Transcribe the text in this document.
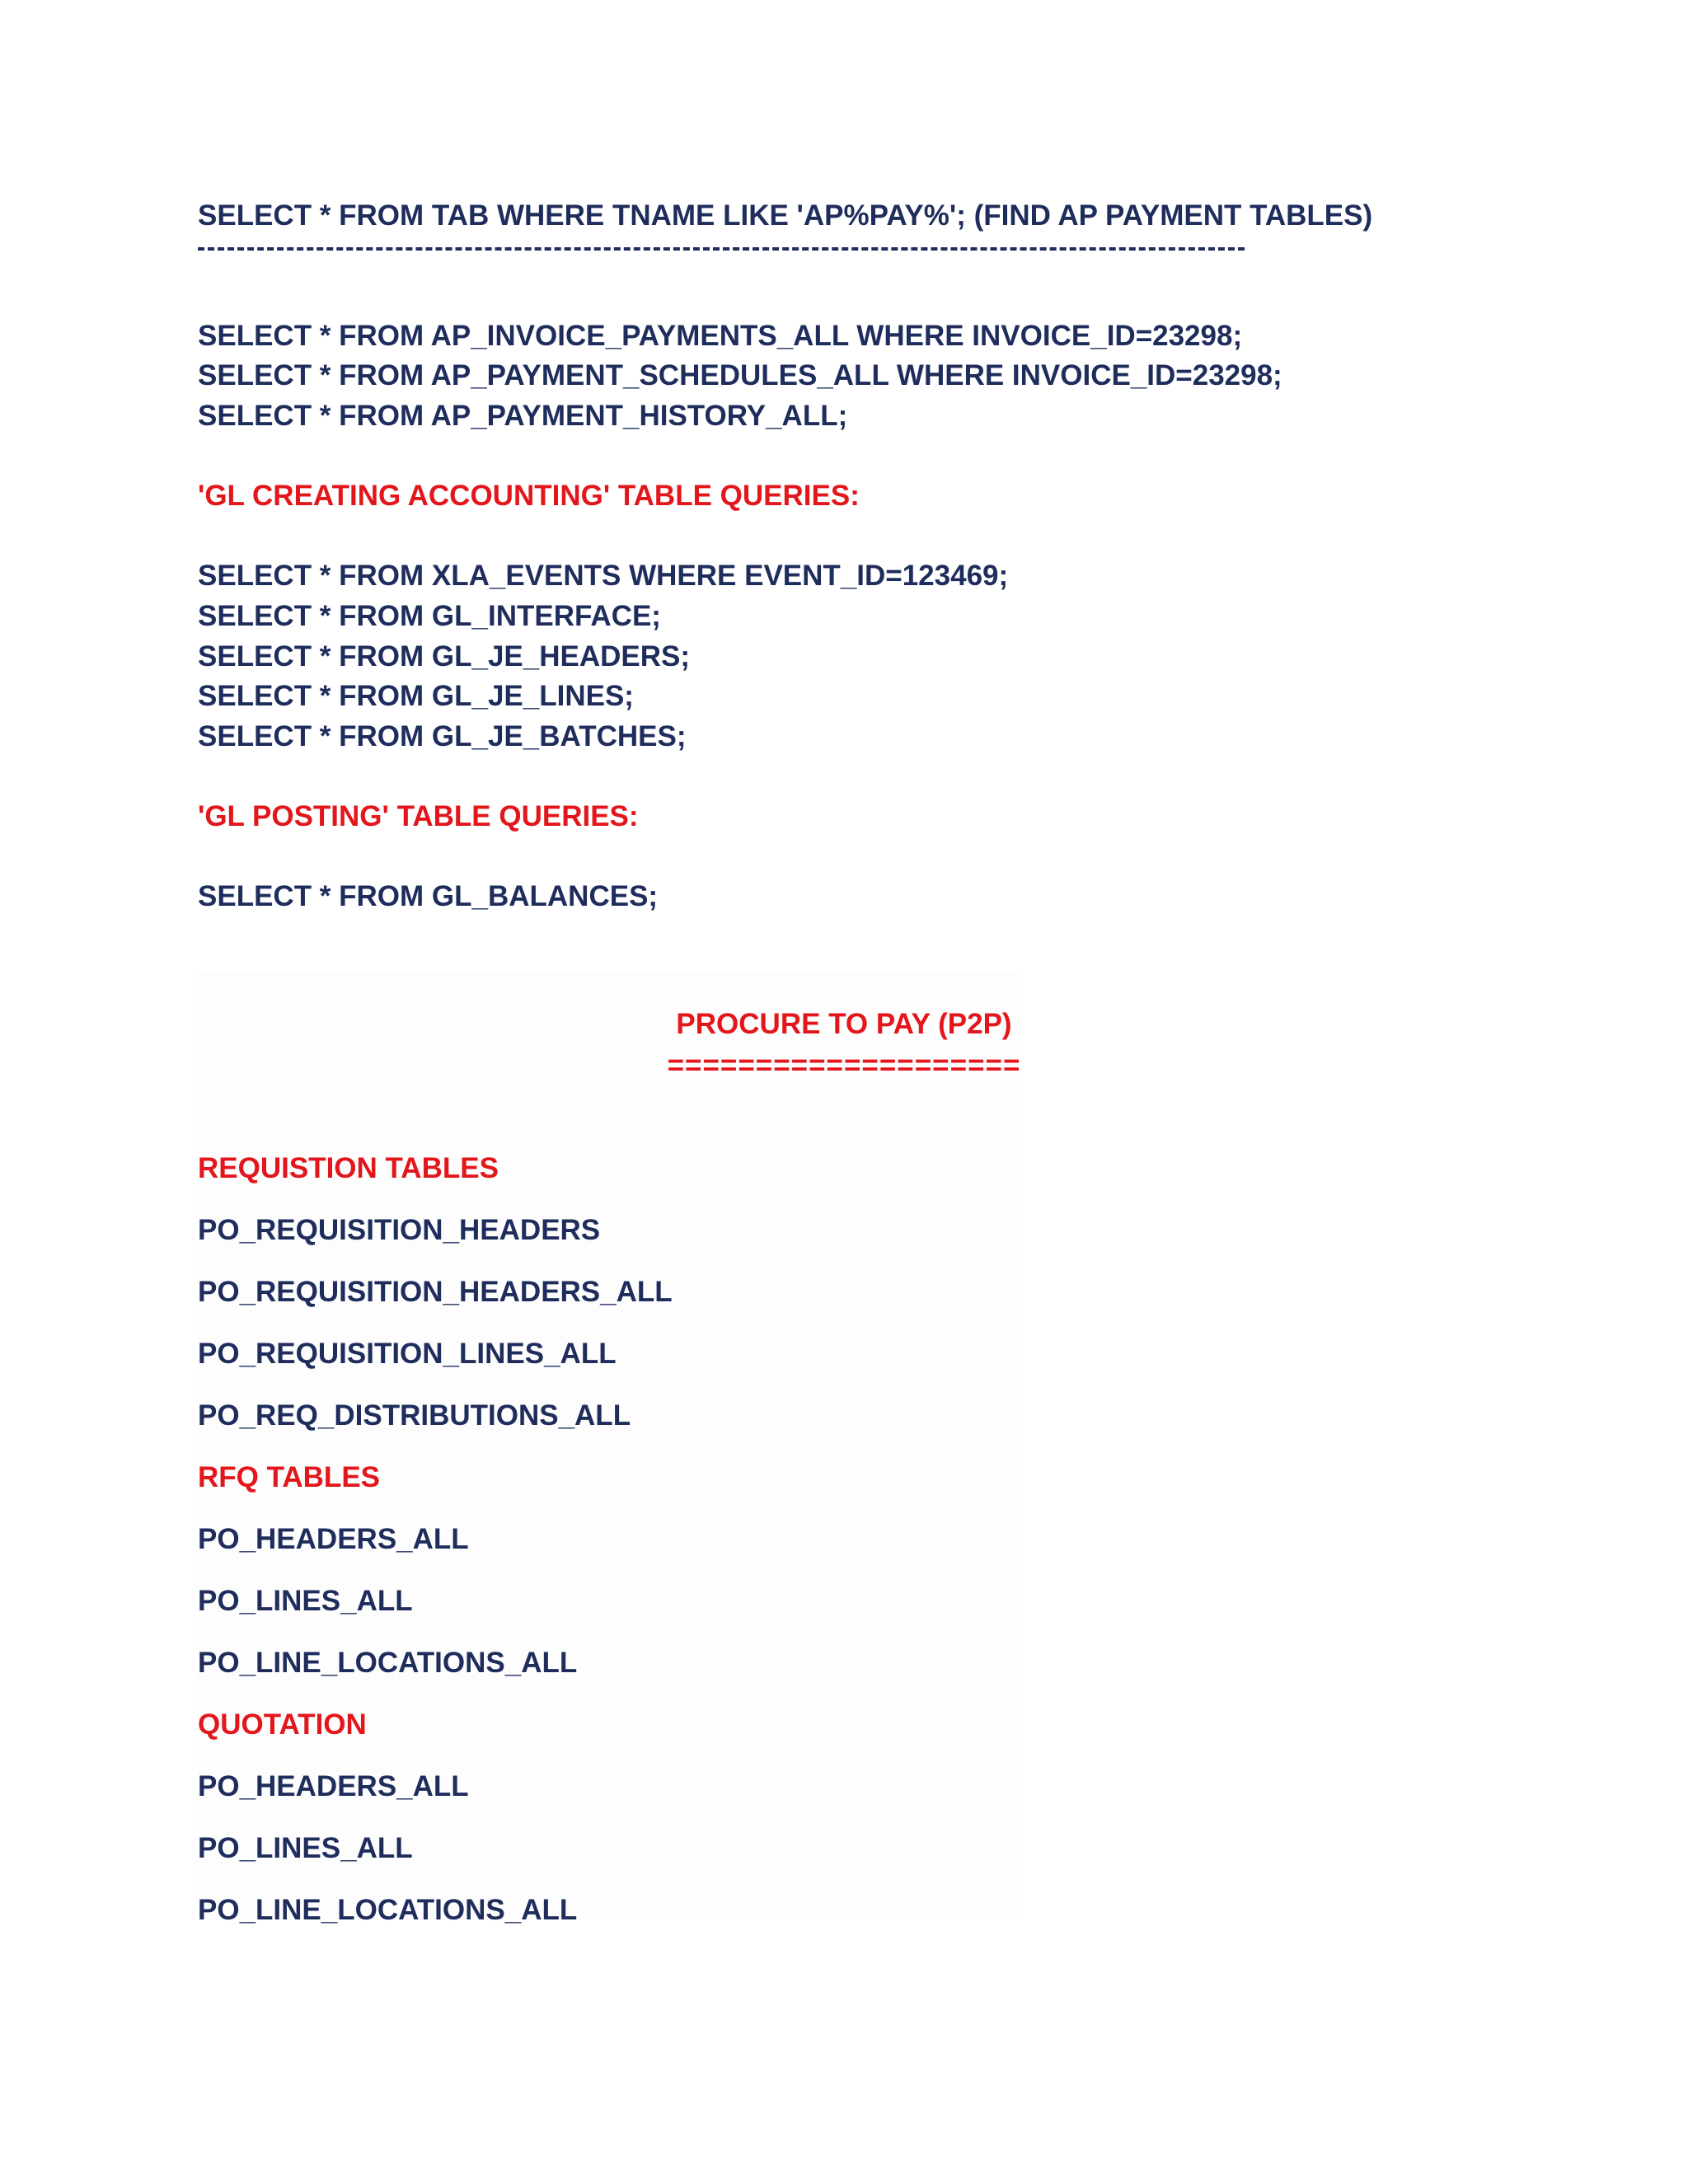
SELECT * FROM TAB WHERE TNAME LIKE 'AP%PAY%'; (FIND AP PAYMENT TABLES)
SELECT * FROM AP_INVOICE_PAYMENTS_ALL WHERE INVOICE_ID=23298;
SELECT * FROM AP_PAYMENT_SCHEDULES_ALL WHERE INVOICE_ID=23298;
SELECT * FROM AP_PAYMENT_HISTORY_ALL;
'GL CREATING ACCOUNTING' TABLE QUERIES:
SELECT * FROM XLA_EVENTS WHERE EVENT_ID=123469;
SELECT * FROM GL_INTERFACE;
SELECT * FROM GL_JE_HEADERS;
SELECT * FROM GL_JE_LINES;
SELECT * FROM GL_JE_BATCHES;
'GL POSTING' TABLE QUERIES:
SELECT * FROM GL_BALANCES;
PROCURE TO PAY (P2P)
====================
REQUISTION TABLES
PO_REQUISITION_HEADERS
PO_REQUISITION_HEADERS_ALL
PO_REQUISITION_LINES_ALL
PO_REQ_DISTRIBUTIONS_ALL
RFQ TABLES
PO_HEADERS_ALL
PO_LINES_ALL
PO_LINE_LOCATIONS_ALL
QUOTATION
PO_HEADERS_ALL
PO_LINES_ALL
PO_LINE_LOCATIONS_ALL
